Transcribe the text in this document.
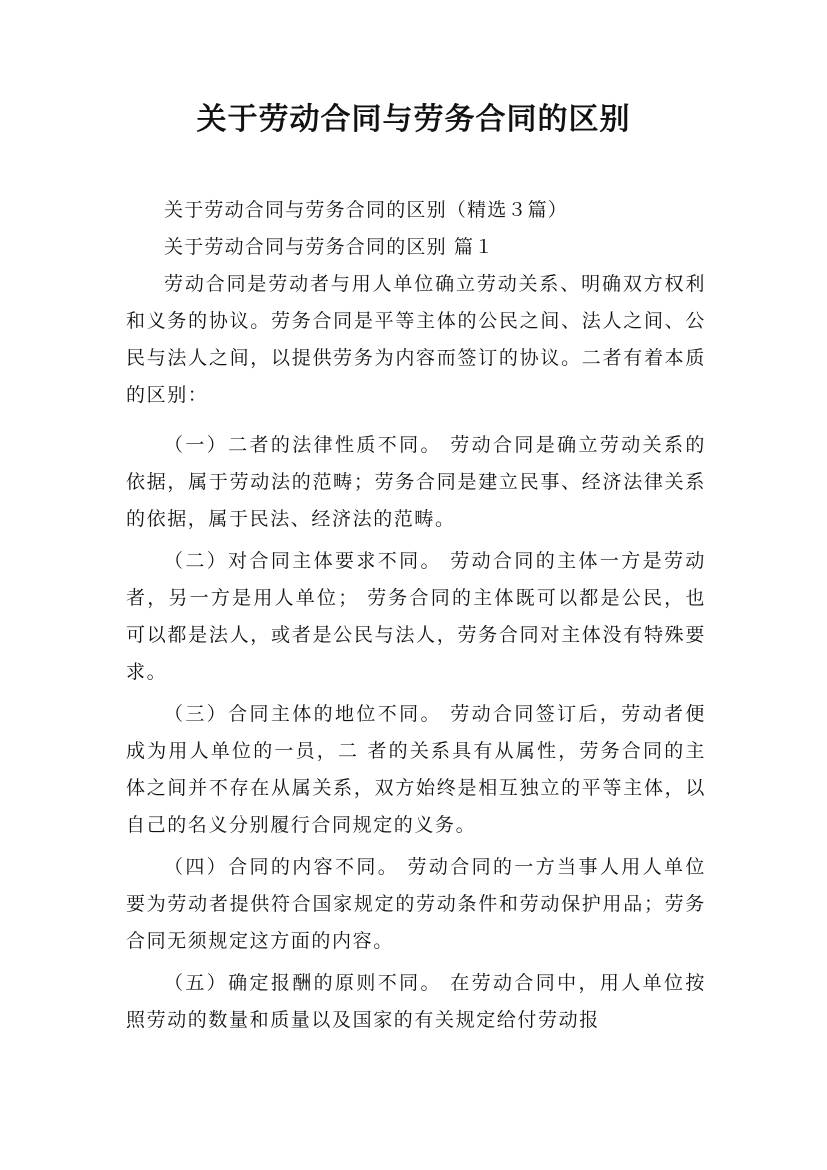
关于劳动合同与劳务合同的区别

关于劳动合同与劳务合同的区别（精选３篇）

关于劳动合同与劳务合同的区别 篇１

劳动合同是劳动者与用人单位确立劳动关系、明确双方权利和义务的协议。劳务合同是平等主体的公民之间、法人之间、公民与法人之间，以提供劳务为内容而签订的协议。二者有着本质的区别：

（一）二者的法律性质不同。 劳动合同是确立劳动关系的依据，属于劳动法的范畴；劳务合同是建立民事、经济法律关系的依据，属于民法、经济法的范畴。

（二）对合同主体要求不同。 劳动合同的主体一方是劳动者，另一方是用人单位； 劳务合同的主体既可以都是公民，也可以都是法人，或者是公民与法人，劳务合同对主体没有特殊要求。

（三）合同主体的地位不同。 劳动合同签订后，劳动者便成为用人单位的一员，二 者的关系具有从属性，劳务合同的主体之间并不存在从属关系，双方始终是相互独立的平等主体，以自己的名义分别履行合同规定的义务。

（四）合同的内容不同。 劳动合同的一方当事人用人单位要为劳动者提供符合国家规定的劳动条件和劳动保护用品；劳务合同无须规定这方面的内容。

（五）确定报酬的原则不同。 在劳动合同中，用人单位按照劳动的数量和质量以及国家的有关规定给付劳动报
